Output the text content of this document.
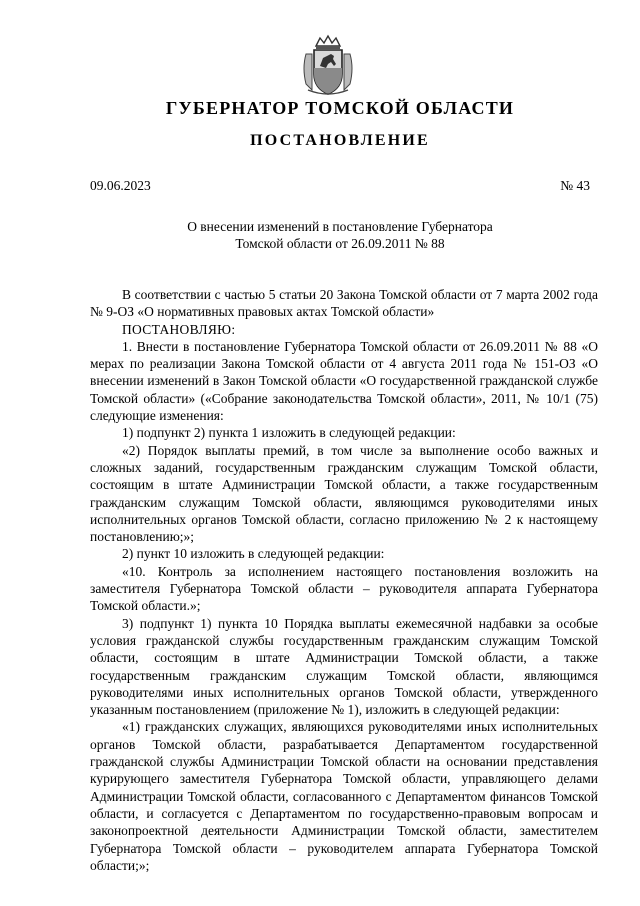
ГУБЕРНАТОР ТОМСКОЙ ОБЛАСТИ
ПОСТАНОВЛЕНИЕ
09.06.2023	№ 43
О внесении изменений в постановление Губернатора
Томской области от 26.09.2011 № 88

В соответствии с частью 5 статьи 20 Закона Томской области от 7 марта 2002 года № 9-ОЗ «О нормативных правовых актах Томской области»

ПОСТАНОВЛЯЮ:

1. Внести в постановление Губернатора Томской области от 26.09.2011 № 88 «О мерах по реализации Закона Томской области от 4 августа 2011 года № 151-ОЗ «О внесении изменений в Закон Томской области «О государственной гражданской службе Томской области» («Собрание законодательства Томской области», 2011, № 10/1 (75) следующие изменения:

1) подпункт 2) пункта 1 изложить в следующей редакции:

«2) Порядок выплаты премий, в том числе за выполнение особо важных и сложных заданий, государственным гражданским служащим Томской области, состоящим в штате Администрации Томской области, а также государственным гражданским служащим Томской области, являющимся руководителями иных исполнительных органов Томской области, согласно приложению № 2 к настоящему постановлению;»;

2) пункт 10 изложить в следующей редакции:

«10. Контроль за исполнением настоящего постановления возложить на заместителя Губернатора Томской области – руководителя аппарата Губернатора Томской области.»;

3) подпункт 1) пункта 10 Порядка выплаты ежемесячной надбавки за особые условия гражданской службы государственным гражданским служащим Томской области, состоящим в штате Администрации Томской области, а также государственным гражданским служащим Томской области, являющимся руководителями иных исполнительных органов Томской области, утвержденного указанным постановлением (приложение № 1), изложить в следующей редакции:

«1) гражданских служащих, являющихся руководителями иных исполнительных органов Томской области, разрабатывается Департаментом государственной гражданской службы Администрации Томской области на основании представления курирующего заместителя Губернатора Томской области, управляющего делами Администрации Томской области, согласованного с Департаментом финансов Томской области, и согласуется с Департаментом по государственно-правовым вопросам и законопроектной деятельности Администрации Томской области, заместителем Губернатора Томской области – руководителем аппарата Губернатора Томской области;»;
